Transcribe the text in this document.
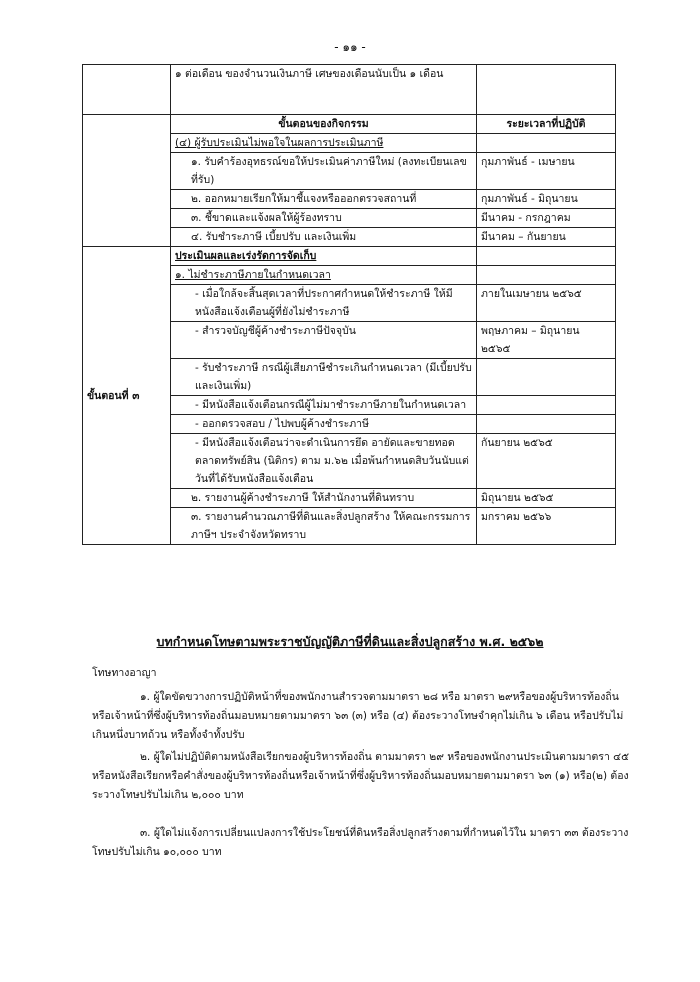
- ๑๑ -
	๑ ต่อเดือน ของจำนวนเงินภาษี เศษของเดือนนับเป็น ๑ เดือน	
	ขั้นตอนของกิจกรรม	ระยะเวลาที่ปฏิบัติ
	(๔) ผู้รับประเมินไม่พอใจในผลการประเมินภาษี	
	๑. รับคำร้องอุทธรณ์ขอให้ประเมินค่าภาษีใหม่ (ลงทะเบียนเลขที่รับ)	กุมภาพันธ์ - เมษายน
	๒. ออกหมายเรียกให้มาชี้แจงหรือออกตรวจสถานที่	กุมภาพันธ์ - มิถุนายน
	๓. ชี้ขาดและแจ้งผลให้ผู้ร้องทราบ	มีนาคม - กรกฎาคม
	๔. รับชำระภาษี เบี้ยปรับ และเงินเพิ่ม	มีนาคม – กันยายน
ขั้นตอนที่ ๓	ประเมินผลและเร่งรัดการจัดเก็บ	
	๑. ไม่ชำระภาษีภายในกำหนดเวลา	
	- เมื่อใกล้จะสิ้นสุดเวลาที่ประกาศกำหนดให้ชำระภาษี ให้มีหนังสือแจ้งเตือนผู้ที่ยังไม่ชำระภาษี	ภายในเมษายน ๒๕๖๕
	- สำรวจบัญชีผู้ค้างชำระภาษีปัจจุบัน	พฤษภาคม – มิถุนายน ๒๕๖๕
	- รับชำระภาษี กรณีผู้เสียภาษีชำระเกินกำหนดเวลา (มีเบี้ยปรับและเงินเพิ่ม)	
	- มีหนังสือแจ้งเตือนกรณีผู้ไม่มาชำระภาษีภายในกำหนดเวลา	
	- ออกตรวจสอบ / ไปพบผู้ค้างชำระภาษี	
	- มีหนังสือแจ้งเตือนว่าจะดำเนินการยึด อายัดและขายทอดตลาดทรัพย์สิน (นิติกร) ตาม ม.๖๒ เมื่อพ้นกำหนดสิบวันนับแต่วันที่ได้รับหนังสือแจ้งเตือน	กันยายน ๒๕๖๕
	๒. รายงานผู้ค้างชำระภาษี ให้สำนักงานที่ดินทราบ	มิถุนายน ๒๕๖๕
	๓. รายงานคำนวณภาษีที่ดินและสิ่งปลูกสร้าง ให้คณะกรรมการภาษีฯ ประจำจังหวัดทราบ	มกราคม ๒๕๖๖
บทกำหนดโทษตามพระราชบัญญัติภาษีที่ดินและสิ่งปลูกสร้าง พ.ศ. ๒๕๖๒
โทษทางอาญา

๑. ผู้ใดขัดขวางการปฏิบัติหน้าที่ของพนักงานสำรวจตามมาตรา ๒๘ หรือ มาตรา ๒๙หรือของผู้บริหารท้องถิ่นหรือเจ้าหน้าที่ซึ่งผู้บริหารท้องถิ่นมอบหมายตามมาตรา ๖๓ (๓) หรือ (๔) ต้องระวางโทษจำคุกไม่เกิน ๖ เดือน หรือปรับไม่เกินหนึ่งบาทถ้วน หรือทั้งจำทั้งปรับ

๒. ผู้ใดไม่ปฏิบัติตามหนังสือเรียกของผู้บริหารท้องถิ่น ตามมาตรา ๒๙ หรือของพนักงานประเมินตามมาตรา ๔๕ หรือหนังสือเรียกหรือคำสั่งของผู้บริหารท้องถิ่นหรือเจ้าหน้าที่ซึ่งผู้บริหารท้องถิ่นมอบหมายตามมาตรา ๖๓ (๑) หรือ(๒) ต้องระวางโทษปรับไม่เกิน ๒,๐๐๐ บาท

๓. ผู้ใดไม่แจ้งการเปลี่ยนแปลงการใช้ประโยชน์ที่ดินหรือสิ่งปลูกสร้างตามที่กำหนดไว้ใน มาตรา ๓๓ ต้องระวางโทษปรับไม่เกิน ๑๐,๐๐๐ บาท
